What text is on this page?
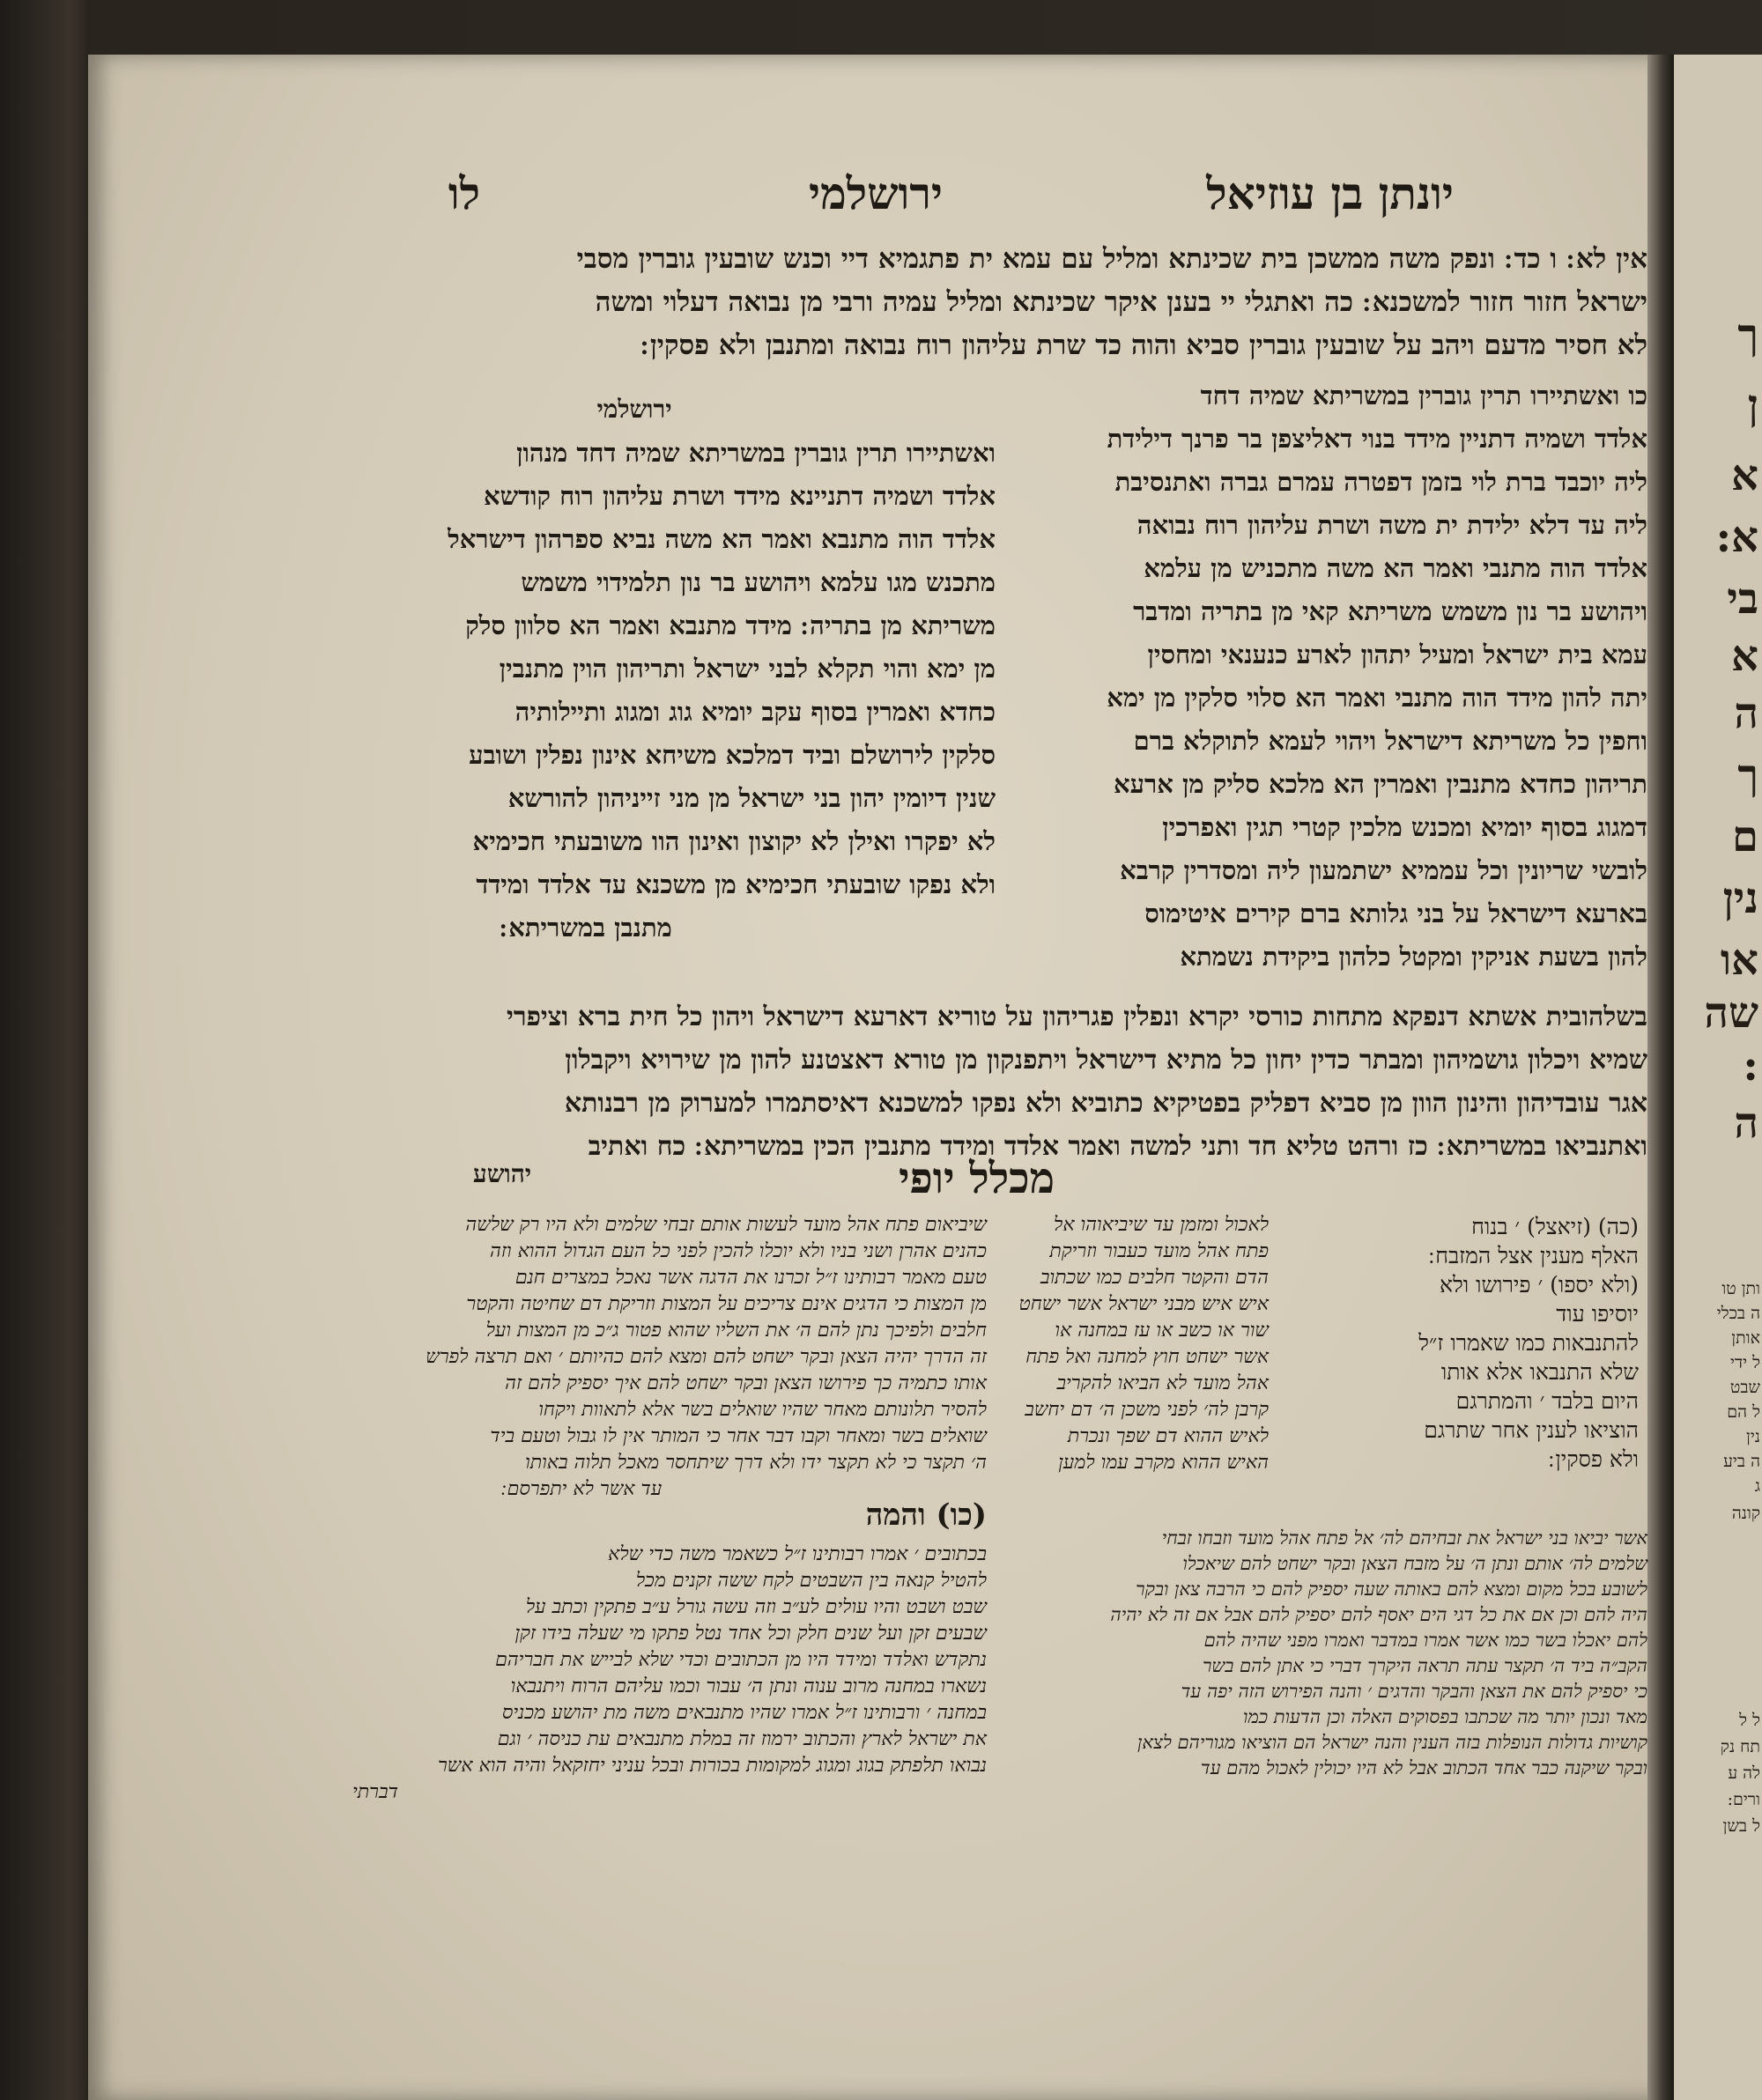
ך
ן
א
א:
בי
א
ה
ך
ם
נין
או
שה
:
ה
ותן טו
ה בכלי
אותן
ל ידי
שבט
ל הם
נין
ה ביע
ג
קונה
ל ל
תח נק
לה ע
ורים:
ל בשן
יונתן בן עוזיאל
ירושלמי
לו
אין לא ׃ ו כד ׃ ונפק משה ממשכן בית שכינתא ומליל עם עמא ית פתגמיא דיי וכנש שובעין גוברין מסבי
ישראל חזור חזור למשכנא ׃ כה ואתגלי יי בענן איקר שכינתא ומליל עמיה ורבי מן נבואה דעלוי ומשה
לא חסיר מדעם ויהב על שובעין גוברין סביא והוה כד שרת עליהון רוח נבואה ומתנבן ולא פסקין ׃
כו ואשתיירו תרין גוברין במשריתא שמיה דחד
אלדד ושמיה דתניין מידד בנוי דאליצפן בר פרנך דילידת
ליה יוכבד ברת לוי בזמן דפטרה עמרם גברה ואתנסיבת
ליה עד דלא ילידת ית משה ושרת עליהון רוח נבואה
אלדד הוה מתנבי ואמר הא משה מתכניש מן עלמא
ויהושע בר נון משמש משריתא קאי מן בתריה ומדבר
עמא בית ישראל ומעיל יתהון לארע כנענאי ומחסין
יתה להון מידד הוה מתנבי ואמר הא סלוי סלקין מן ימא
וחפין כל משריתא דישראל ויהוי לעמא לתוקלא ברם
תריהון כחדא מתנבין ואמרין הא מלכא סליק מן ארעא
דמגוג בסוף יומיא ומכנש מלכין קטרי תגין ואפרכין
לובשי שריונין וכל עממיא ישתמעון ליה ומסדרין קרבא
בארעא דישראל על בני גלותא ברם קירים איטימוס
להון בשעת אניקין ומקטל כלהון ביקידת נשמתא
ירושלמי
ואשתיירו תרין גוברין במשריתא שמיה דחד מנהון
אלדד ושמיה דתניינא מידד ושרת עליהון רוח קודשא
אלדד הוה מתנבא ואמר הא משה נביא ספרהון דישראל
מתכנש מגו עלמא ויהושע בר נון תלמידוי משמש
משריתא מן בתריה ׃ מידד מתנבא ואמר הא סלוון סלק
מן ימא והוי תקלא לבני ישראל ותריהון הוין מתנבין
כחדא ואמרין בסוף עקב יומיא גוג ומגוג ותיילותיה
סלקין לירושלם וביד דמלכא משיחא אינון נפלין ושובע
שנין דיומין יהון בני ישראל מן מני זייניהון להורשא
לא יפקרו ואילן לא יקוצון ואינון הוו משובעתי חכימיא
ולא נפקו שובעתי חכימיא מן משכנא עד אלדד ומידד
מתנבן במשריתא ׃
בשלהובית אשתא דנפקא מתחות כורסי יקרא ונפלין פגריהון על טוריא דארעא דישראל ויהון כל חית ברא וציפרי
שמיא ויכלון גושמיהון ומבתר כדין יחון כל מתיא דישראל ויתפנקון מן טורא דאצטנע להון מן שירויא ויקבלון
אגר עובדיהון והינון הוון מן סביא דפליק בפטיקיא כתוביא ולא נפקו למשכנא דאיסתמרו למערוק מן רבנותא
ואתנביאו במשריתא ׃ כז ורהט טליא חד ותני למשה ואמר אלדד ומידד מתנבין הכין במשריתא ׃ כח ואתיב
מכלל יופי
יהושע
(כה) (זיאצל) ׳ בנוח
האלף מענין אצל המזבח ׃
(ולא יספו) ׳ פירושו ולא
יוסיפו עוד
להתנבאות כמו שאמרו ז״ל
שלא התנבאו אלא אותו
היום בלבד ׳ והמתרגם
הוציאו לענין אחר שתרגם
ולא פסקין ׃
לאכול ומזמן עד שיביאוהו אל
פתח אהל מועד כעבור וזריקת
הדם והקטר חלבים כמו שכתוב
איש איש מבני ישראל אשר ישחט
שור או כשב או עז במחנה או
אשר ישחט חוץ למחנה ואל פתח
אהל מועד לא הביאו להקריב
קרבן לה׳ לפני משכן ה׳ דם יחשב
לאיש ההוא דם שפך ונכרת
האיש ההוא מקרב עמו למען
שיביאום פתח אהל מועד לעשות אותם זבחי שלמים ולא היו רק שלשה
כהנים אהרן ושני בניו ולא יוכלו להכין לפני כל העם הגדול ההוא וזה
טעם מאמר רבותינו ז״ל זכרנו את הדגה אשר נאכל במצרים חנם
מן המצות כי הדגים אינם צריכים על המצות וזריקת דם שחיטה והקטר
חלבים ולפיכך נתן להם ה׳ את השליו שהוא פטור ג״כ מן המצות ועל
זה הדרך יהיה הצאן ובקר ישחט להם ומצא להם כהיותם ׳ ואם תרצה לפרש
אותו כתמיה כך פירושו הצאן ובקר ישחט להם איך יספיק להם זה
להסיר תלונותם מאחר שהיו שואלים בשר אלא לתאוות ויקחו
שואלים בשר ומאחר וקבו דבר אחר כי המותר אין לו גבול וטעם ביד
ה׳ תקצר כי לא תקצר ידו ולא דרך שיתחסר מאכל תלוה באותו
עד אשר לא יתפרסם ׃
(כו) והמה
בכתובים ׳ אמרו רבותינו ז״ל כשאמר משה כדי שלא
להטיל קנאה בין השבטים לקח ששה זקנים מכל
שבט ושבט והיו עולים לע״ב וזה עשה גורל ע״ב פתקין וכתב על
שבעים זקן ועל שנים חלק וכל אחד נטל פתקו מי שעלה בידו זקן
נתקדש ואלדד ומידד היו מן הכתובים וכדי שלא לבייש את חבריהם
נשארו במחנה מרוב ענוה ונתן ה׳ עבור וכמו עליהם הרוח ויתנבאו
במחנה ׳ ורבותינו ז״ל אמרו שהיו מתנבאים משה מת יהושע מכניס
את ישראל לארץ והכתוב ירמוז זה במלת מתנבאים עת כניסה ׳ וגם
נבואו תלפתק בגוג ומגוג למקומות בכורות ובכל עניני יחזקאל והיה הוא אשר
דברתי
אשר יביאו בני ישראל את זבחיהם לה׳ אל פתח אהל מועד וזבחו זבחי
שלמים לה׳ אותם ונתן ה׳ על מזבח הצאן ובקר ישחט להם שיאכלו
לשובע בכל מקום ומצא להם באותה שעה יספיק להם כי הרבה צאן ובקר
היה להם וכן אם את כל דגי הים יאסף להם יספיק להם אבל אם זה לא יהיה
להם יאכלו בשר כמו אשר אמרו במדבר ואמרו מפני שהיה להם
הקב״ה ביד ה׳ תקצר עתה תראה היקרך דברי כי אתן להם בשר
כי יספיק להם את הצאן והבקר והדגים ׳ והנה הפירוש הזה יפה עד
מאד ונכון יותר מה שכתבו בפסוקים האלה וכן הדעות כמו
קושיות גדולות הנופלות בזה הענין והנה ישראל הם הוציאו מגוריהם לצאן
ובקר שיקנה כבר אחד הכתוב אבל לא היו יכולין לאכול מהם עד
